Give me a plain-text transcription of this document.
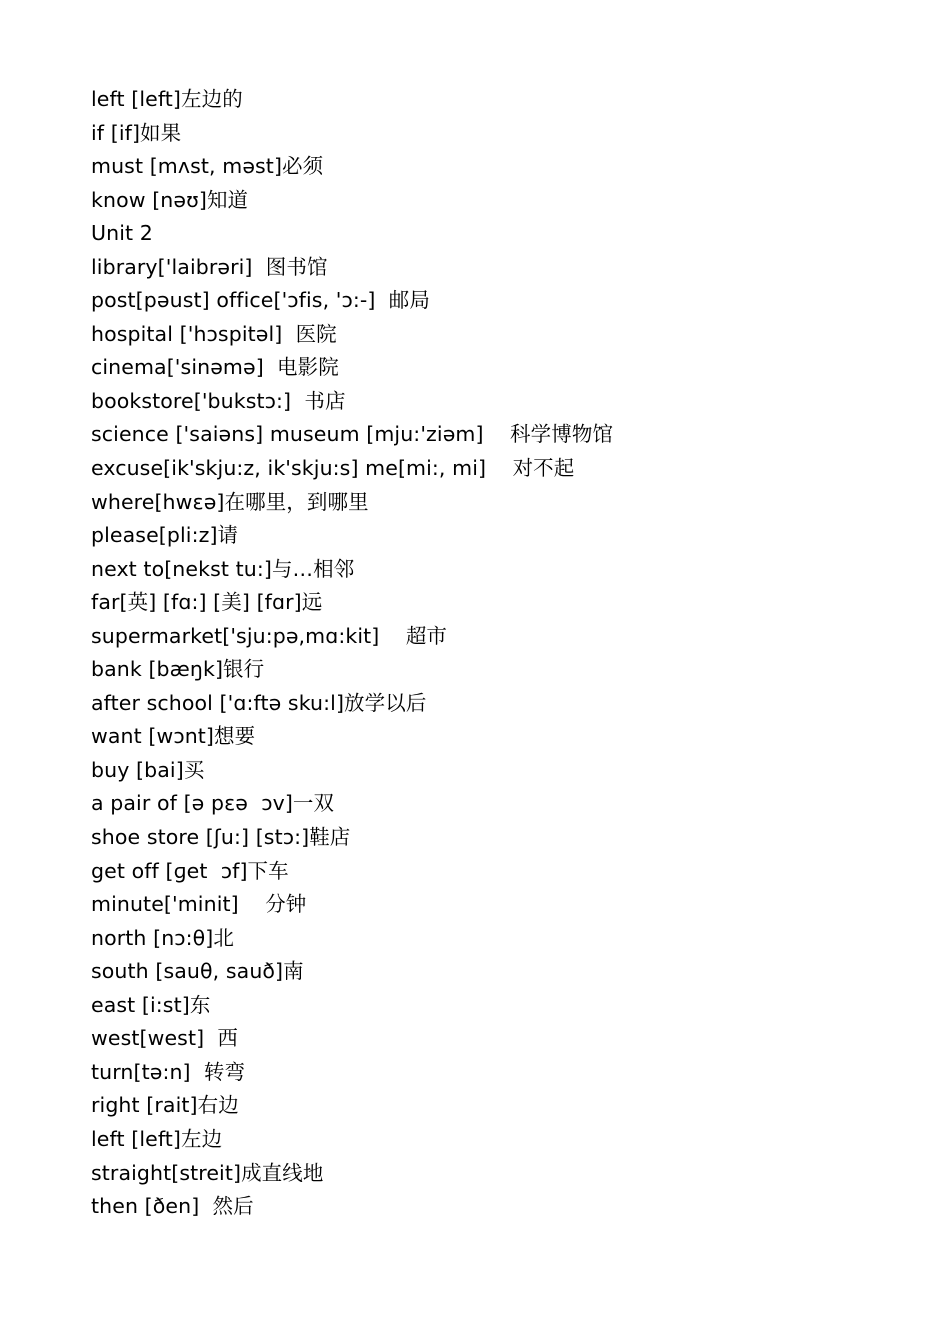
left [left]左边的
if [if]如果
must [mʌst, məst]必须
know [nəʊ]知道
Unit 2
library['laibrəri]  图书馆
post[pəust] office['ɔfis, 'ɔ:-]  邮局
hospital ['hɔspitəl]  医院
cinema['sinəmə]  电影院
bookstore['bukstɔ:]  书店
science ['saiəns] museum [mju:'ziəm]    科学博物馆
excuse[ik'skju:z, ik'skju:s] me[mi:, mi]    对不起
where[hwεə]在哪里，到哪里
please[pli:z]请
next to[nekst tu:]与…相邻
far[英] [fɑ:] [美] [fɑr]远
supermarket['sju:pə,mɑ:kit]    超市
bank [bæŋk]银行
after school ['ɑ:ftə sku:l]放学以后
want [wɔnt]想要
buy [bai]买
a pair of [ə pεə  ɔv]一双
shoe store [ʃu:] [stɔ:]鞋店
get off [ɡet  ɔf]下车
minute['minit]    分钟
north [nɔ:θ]北
south [sauθ, sauð]南
east [i:st]东
west[west]  西
turn[tə:n]  转弯
right [rait]右边
left [left]左边
straight[streit]成直线地
then [ðen]  然后
